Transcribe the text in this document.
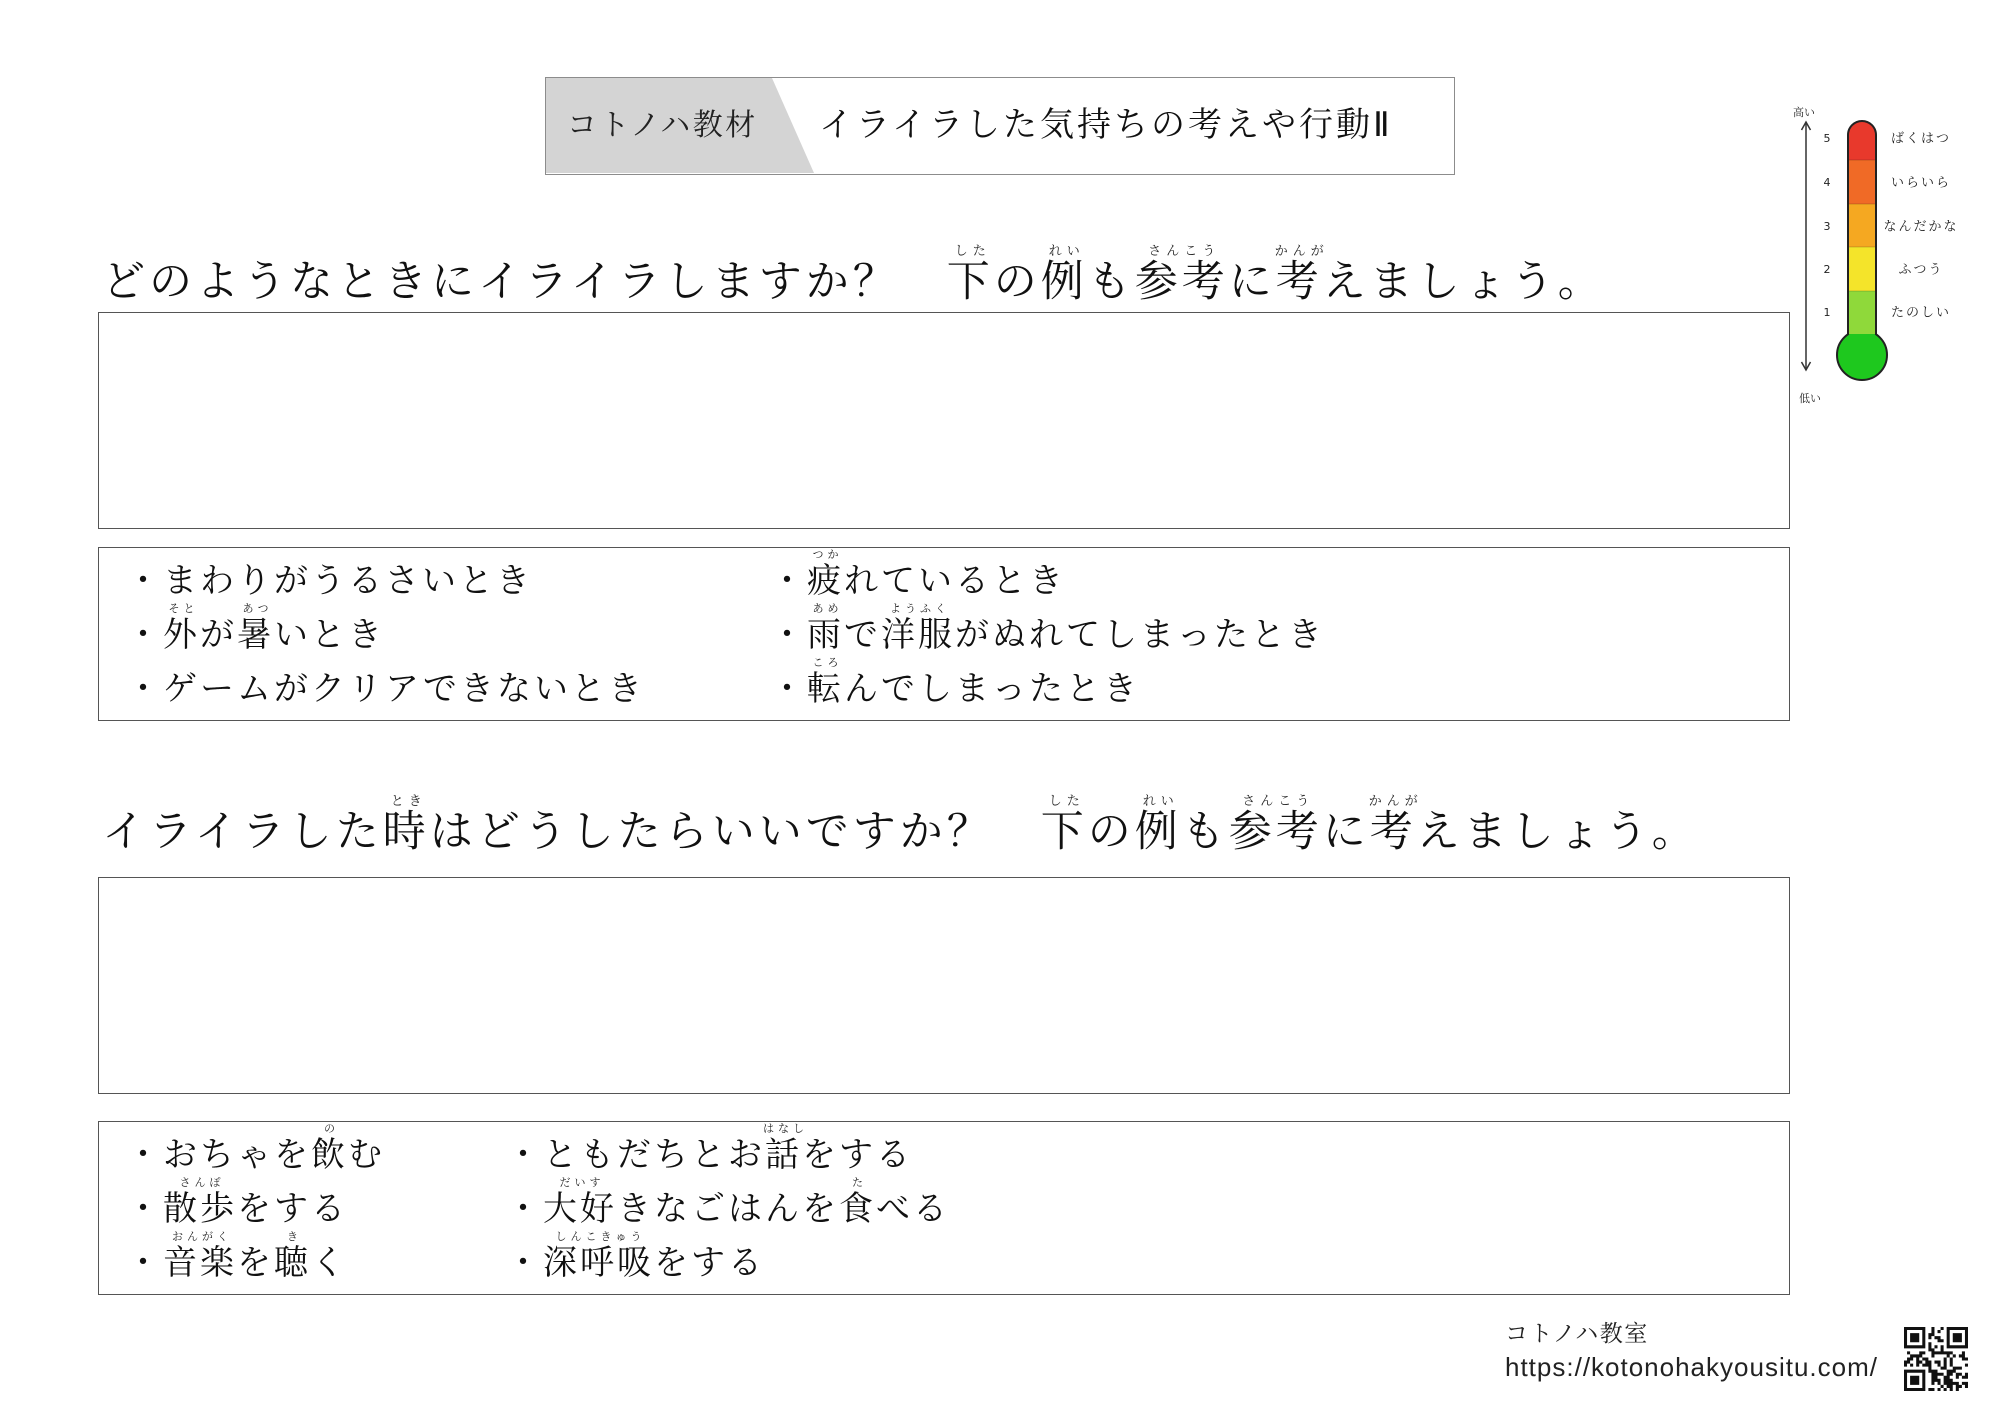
コトノハ教材 イライラした気持ちの考えや行動Ⅱ	高い
低い
5
4
3
2
1
ばくはつ
いらいら
なんだかな
ふつう
たのしい
どのようなときにイライラしますか？　下
した
の例
れい
も参考
さんこう
に考
かんが
えましょう。
・まわりがうるさいとき
・外
そと
が暑
あつ
いとき
・ゲームがクリアできないとき
・疲
つか
れているとき
・雨
あめ
で洋服
ようふく
がぬれてしまったとき
・転
ころ
んでしまったとき
イライラした時
とき
はどうしたらいいですか？　下
した
の例
れい
も参考
さんこう
に考
かんが
えましょう。
・おちゃを飲
の
む
・散歩
さんぽ
をする
・音楽
おんがく
を聴
き
く
・ともだちとお話
はなし
をする
・大好
だいす
きなごはんを食
た
べる
・深呼吸
しんこきゅう
をする
コトノハ教室
https://kotonohakyousitu.com/
